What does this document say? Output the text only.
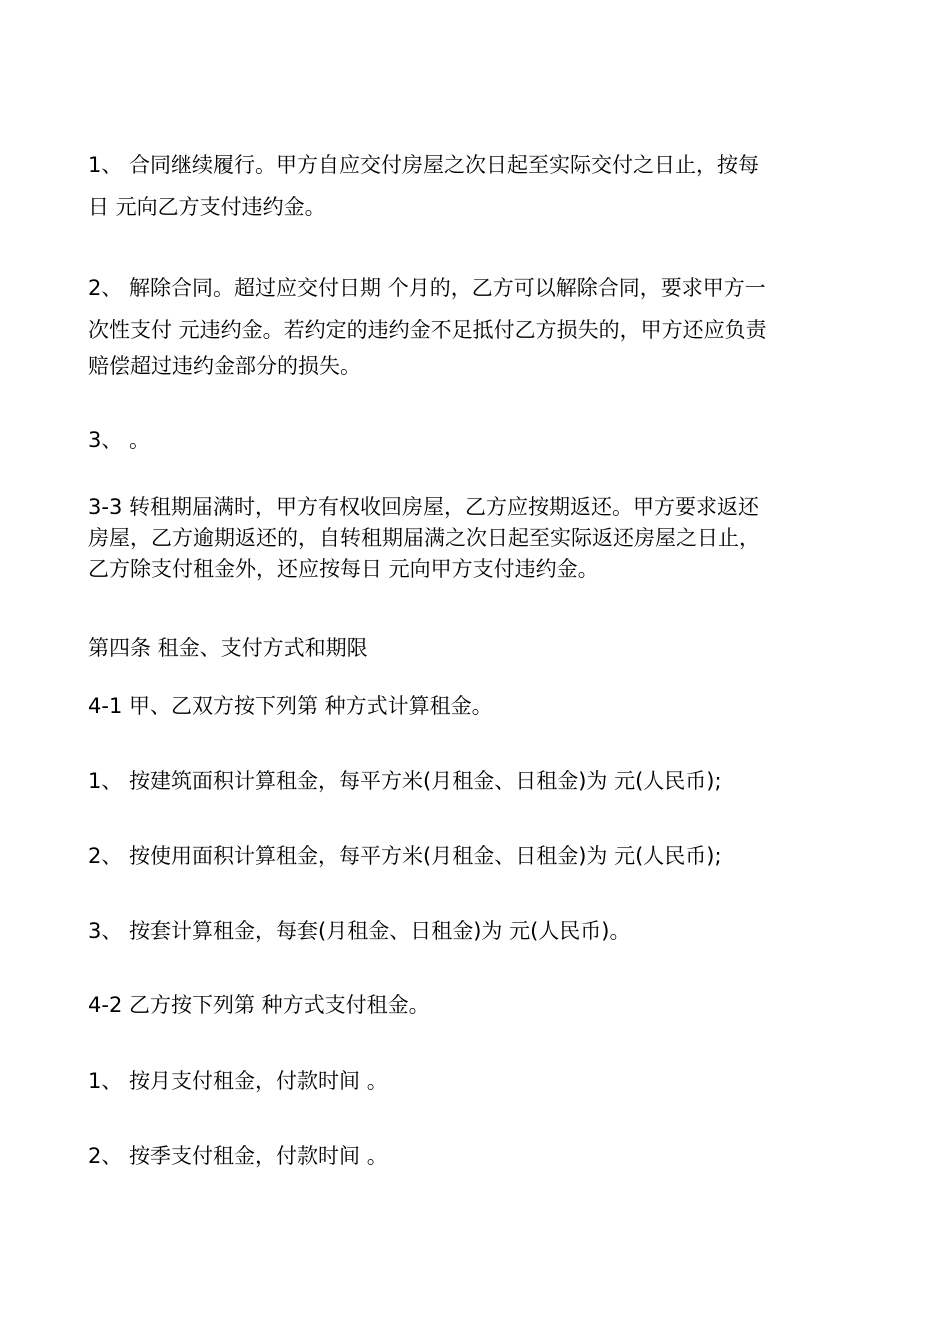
1、 合同继续履行。甲方自应交付房屋之次日起至实际交付之日止，按每
日 元向乙方支付违约金。

2、 解除合同。超过应交付日期 个月的，乙方可以解除合同，要求甲方一
次性支付 元违约金。若约定的违约金不足抵付乙方损失的，甲方还应负责
赔偿超过违约金部分的损失。

3、 。

3-3 转租期届满时，甲方有权收回房屋，乙方应按期返还。甲方要求返还
房屋，乙方逾期返还的，自转租期届满之次日起至实际返还房屋之日止，
乙方除支付租金外，还应按每日 元向甲方支付违约金。

第四条 租金、支付方式和期限

4-1 甲、乙双方按下列第 种方式计算租金。

1、 按建筑面积计算租金，每平方米(月租金、日租金)为 元(人民币);

2、 按使用面积计算租金，每平方米(月租金、日租金)为 元(人民币);

3、 按套计算租金，每套(月租金、日租金)为 元(人民币)。

4-2 乙方按下列第 种方式支付租金。

1、 按月支付租金，付款时间 。

2、 按季支付租金，付款时间 。
